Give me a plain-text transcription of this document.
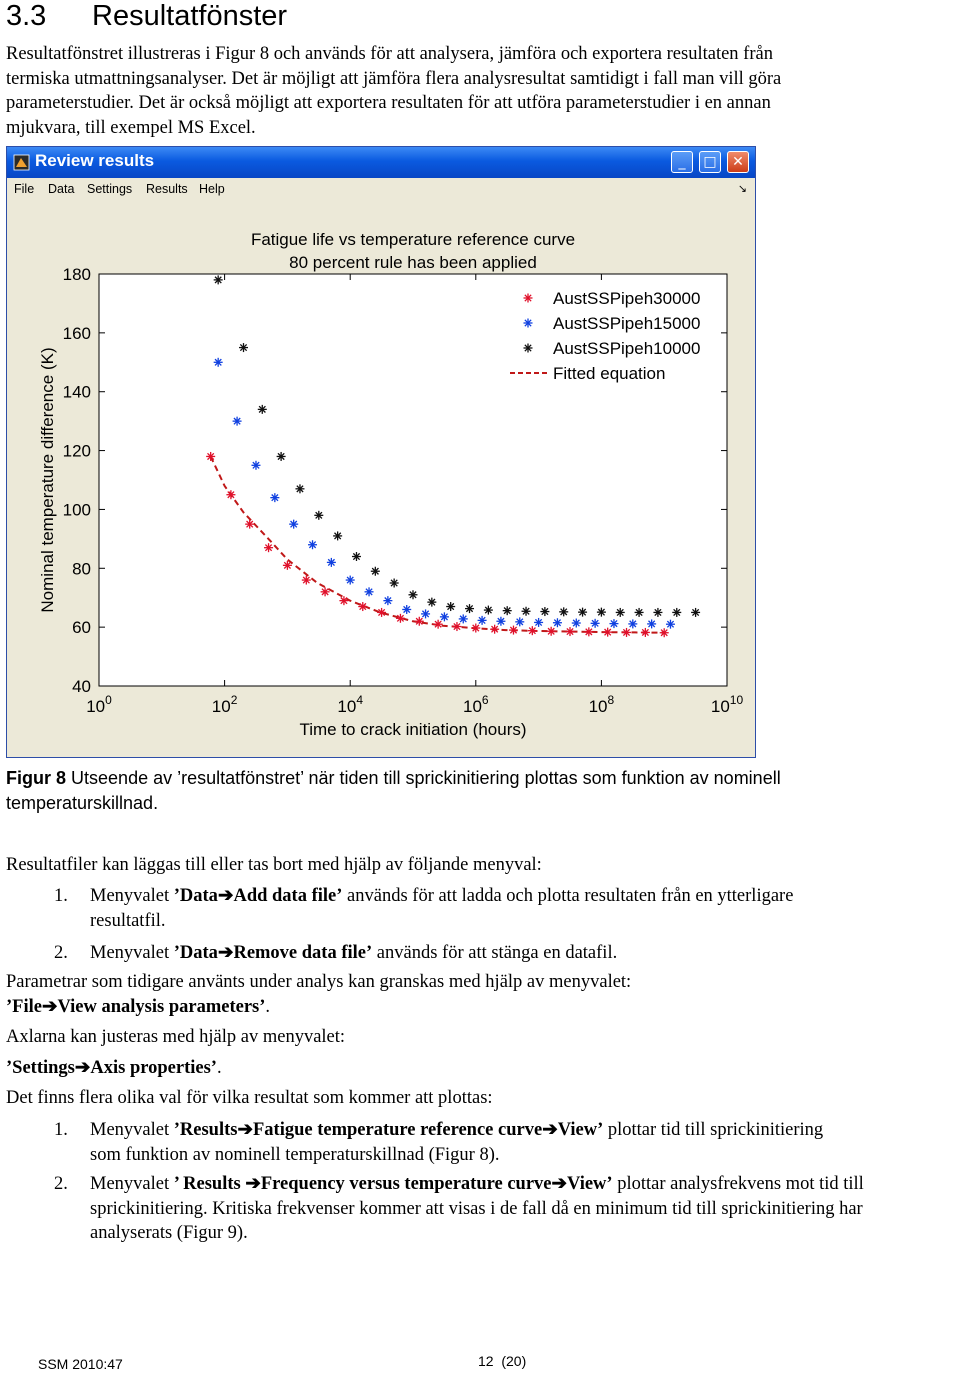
3.3 Resultatfönster
Resultatfönstret illustreras i Figur 8 och används för att analysera, jämföra och exportera resultaten från
termiska utmattningsanalyser. Det är möjligt att jämföra flera analysresultat samtidigt i fall man vill göra
parameterstudier. Det är också möjligt att exportera resultaten för att utföra parameterstudier i en annan
mjukvara, till exempel MS Excel.
Review results	_	□	✕
File Data Settings Results Help	↘
Fatigue life vs temperature reference curve
80 percent rule has been applied
Time to crack initiation (hours)
Nominal temperature difference (K)
40
60
80
100
120
140
160
180
$10^0$	$10^2$	$10^4$	$10^6$	$10^8$	$10^{10}$
AustSSPipeh30000
AustSSPipeh15000
AustSSPipeh10000
Fitted equation
Figur 8 Utseende av ’resultatfönstret’ när tiden till sprickinitiering plottas som funktion av nominell
temperaturskillnad.
Resultatfiler kan läggas till eller tas bort med hjälp av följande menyval:
1. Menyvalet ’Data➔Add data file’ används för att ladda och plotta resultaten från en ytterligare
resultatfil.
2. Menyvalet ’Data➔Remove data file’ används för att stänga en datafil.
Parametrar som tidigare använts under analys kan granskas med hjälp av menyvalet:
’File➔View analysis parameters’.
Axlarna kan justeras med hjälp av menyvalet:
’Settings➔Axis properties’.
Det finns flera olika val för vilka resultat som kommer att plottas:
1. Menyvalet ’Results➔Fatigue temperature reference curve➔View’ plottar tid till sprickinitiering
som funktion av nominell temperaturskillnad (Figur 8).
2. Menyvalet ’ Results ➔Frequency versus temperature curve➔View’ plottar analysfrekvens mot tid till
sprickinitiering. Kritiska frekvenser kommer att visas i de fall då en minimum tid till sprickinitiering har
analyserats (Figur 9).
SSM 2010:47	12 (20)
